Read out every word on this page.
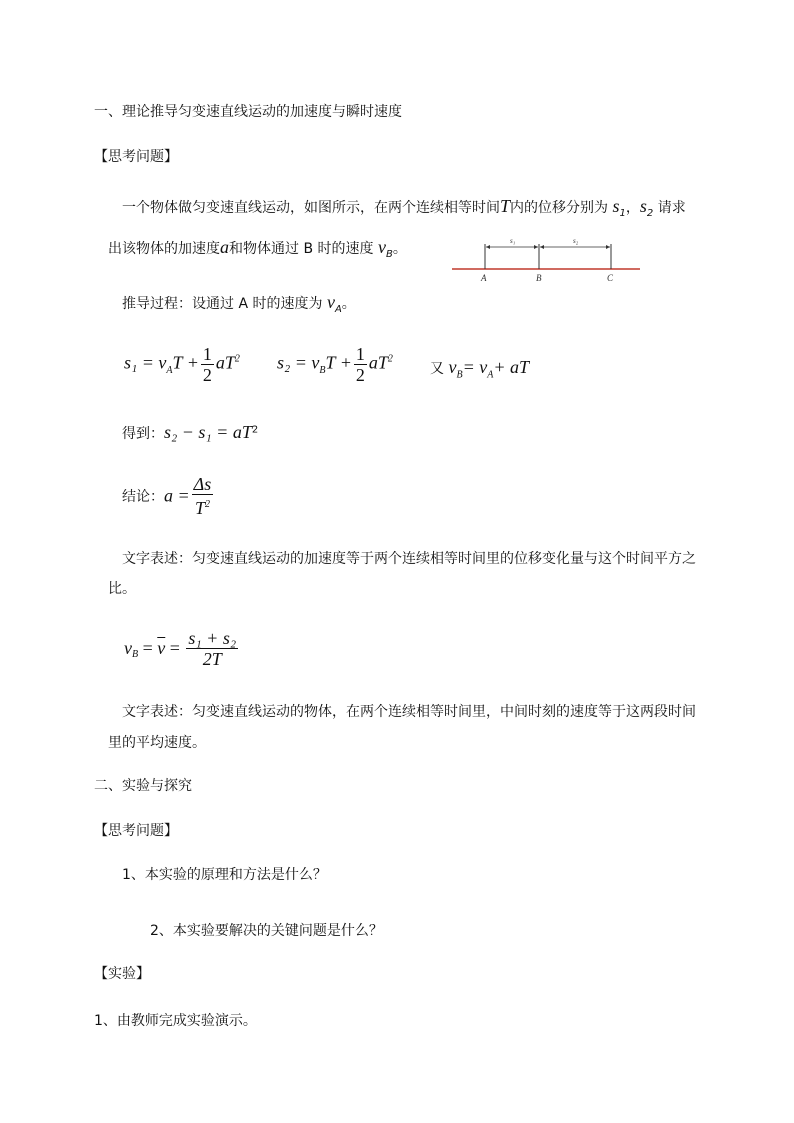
一、理论推导匀变速直线运动的加速度与瞬时速度
【思考问题】
一个物体做匀变速直线运动，如图所示，在两个连续相等时间T内的位移分别为 $s_1$，$s_2$ 请求
出该物体的加速度a和物体通过 B 时的速度 $v_B$。	s₁	s₂
A	B	C
推导过程：设通过 A 时的速度为 $v_A$。
$s_1 = v_AT + \frac{1}{2} aT^2$ $s_2 = v_BT + \frac{1}{2} aT^2$
又 $v_B= v_A+$ aT
得到：$s_2 - s_1 = aT^2$
结论：$a = \frac{\Delta s}{T^2}$
文字表述：匀变速直线运动的加速度等于两个连续相等时间里的位移变化量与这个时间平方之
比。
$v_B = \overline{v} = \frac{\text{s₁ + s₂}}{2T}$
文字表述：匀变速直线运动的物体，在两个连续相等时间里，中间时刻的速度等于这两段时间
里的平均速度。
二、实验与探究
【思考问题】
1、本实验的原理和方法是什么？
2、本实验要解决的关键问题是什么？
【实验】
1、由教师完成实验演示。
